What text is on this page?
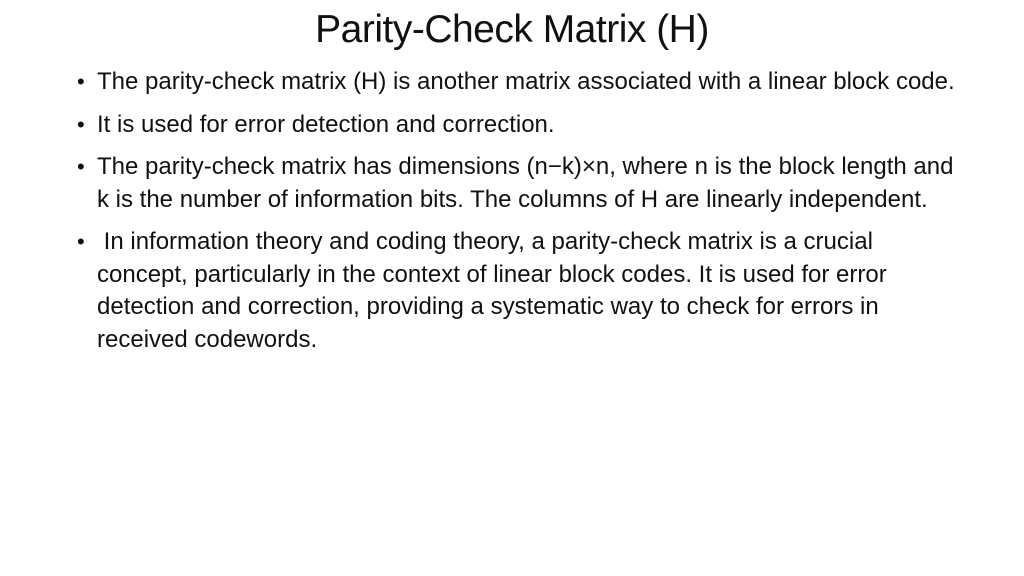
Parity-Check Matrix (H)
• The parity-check matrix (H) is another matrix associated with a linear block code.
• It is used for error detection and correction.
• The parity-check matrix has dimensions (n−k)×n, where n is the block length and k is the number of information bits. The columns of H are linearly independent.
• In information theory and coding theory, a parity-check matrix is a crucial concept, particularly in the context of linear block codes. It is used for error detection and correction, providing a systematic way to check for errors in received codewords.
